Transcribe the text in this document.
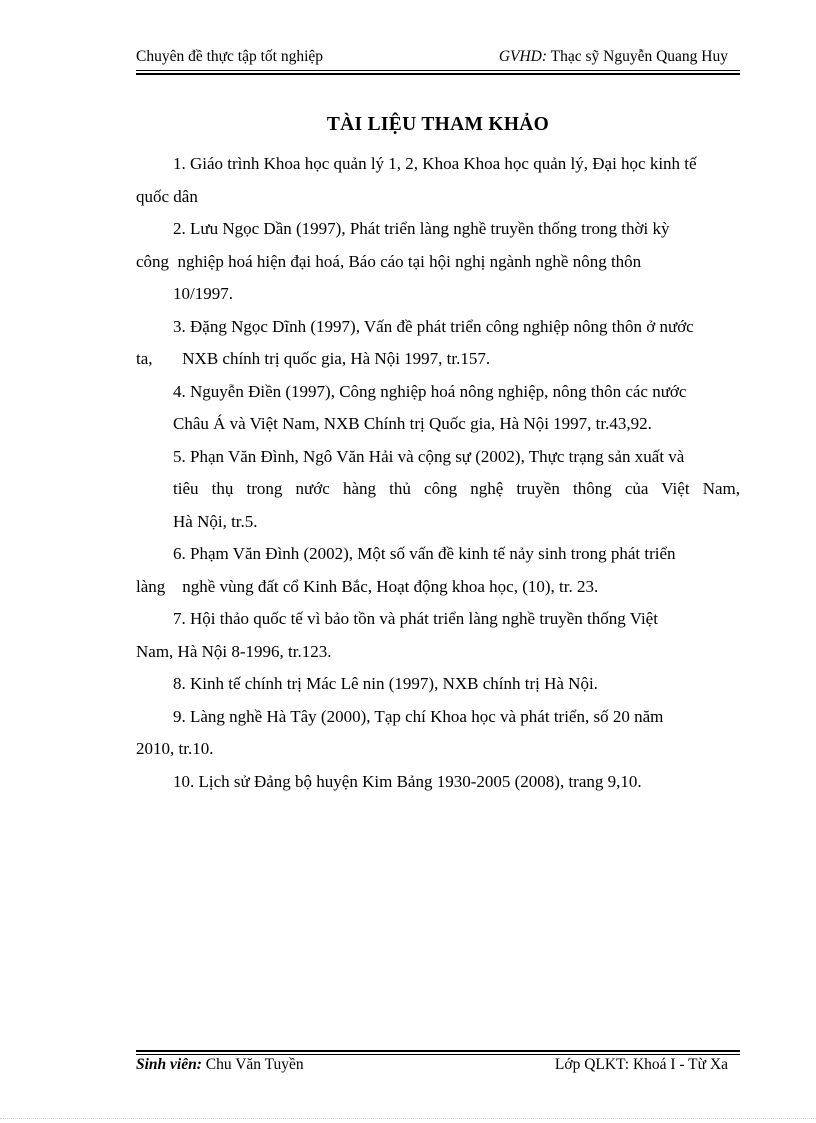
Chuyên đề thực tập tốt nghiệp	GVHD: Thạc sỹ Nguyễn Quang Huy
TÀI LIỆU THAM KHẢO

1. Giáo trình Khoa học quản lý 1, 2, Khoa Khoa học quản lý, Đại học kinh tế

quốc dân

2. Lưu Ngọc Dần (1997), Phát triển làng nghề truyền thống trong thời kỳ

công  nghiệp hoá hiện đại hoá, Báo cáo tại hội nghị ngành nghề nông thôn

10/1997.

3. Đặng Ngọc Dĩnh (1997), Vấn đề phát triển công nghiệp nông thôn ở nước

ta,       NXB chính trị quốc gia, Hà Nội 1997, tr.157.

4. Nguyễn Điền (1997), Công nghiệp hoá nông nghiệp, nông thôn các nước

Châu Á và Việt Nam, NXB Chính trị Quốc gia, Hà Nội 1997, tr.43,92.

5. Phạn Văn Đình, Ngô Văn Hải và cộng sự (2002), Thực trạng sản xuất và

tiêu thụ trong nước hàng thủ công nghệ truyền thông của Việt Nam,

Hà Nội, tr.5.

6. Phạm Văn Đình (2002), Một số vấn đề kinh tế nảy sinh trong phát triển

làng    nghề vùng đất cổ Kinh Bắc, Hoạt động khoa học, (10), tr. 23.

7. Hội thảo quốc tế vì bảo tồn và phát triển làng nghề truyền thống Việt

Nam, Hà Nội 8-1996, tr.123.

8. Kinh tế chính trị Mác Lê nin (1997), NXB chính trị Hà Nội.

9. Làng nghề Hà Tây (2000), Tạp chí Khoa học và phát triển, số 20 năm

2010, tr.10.

10. Lịch sử Đảng bộ huyện Kim Bảng 1930-2005 (2008), trang 9,10.

Sinh viên: Chu Văn Tuyền	Lớp QLKT: Khoá I - Từ Xa
